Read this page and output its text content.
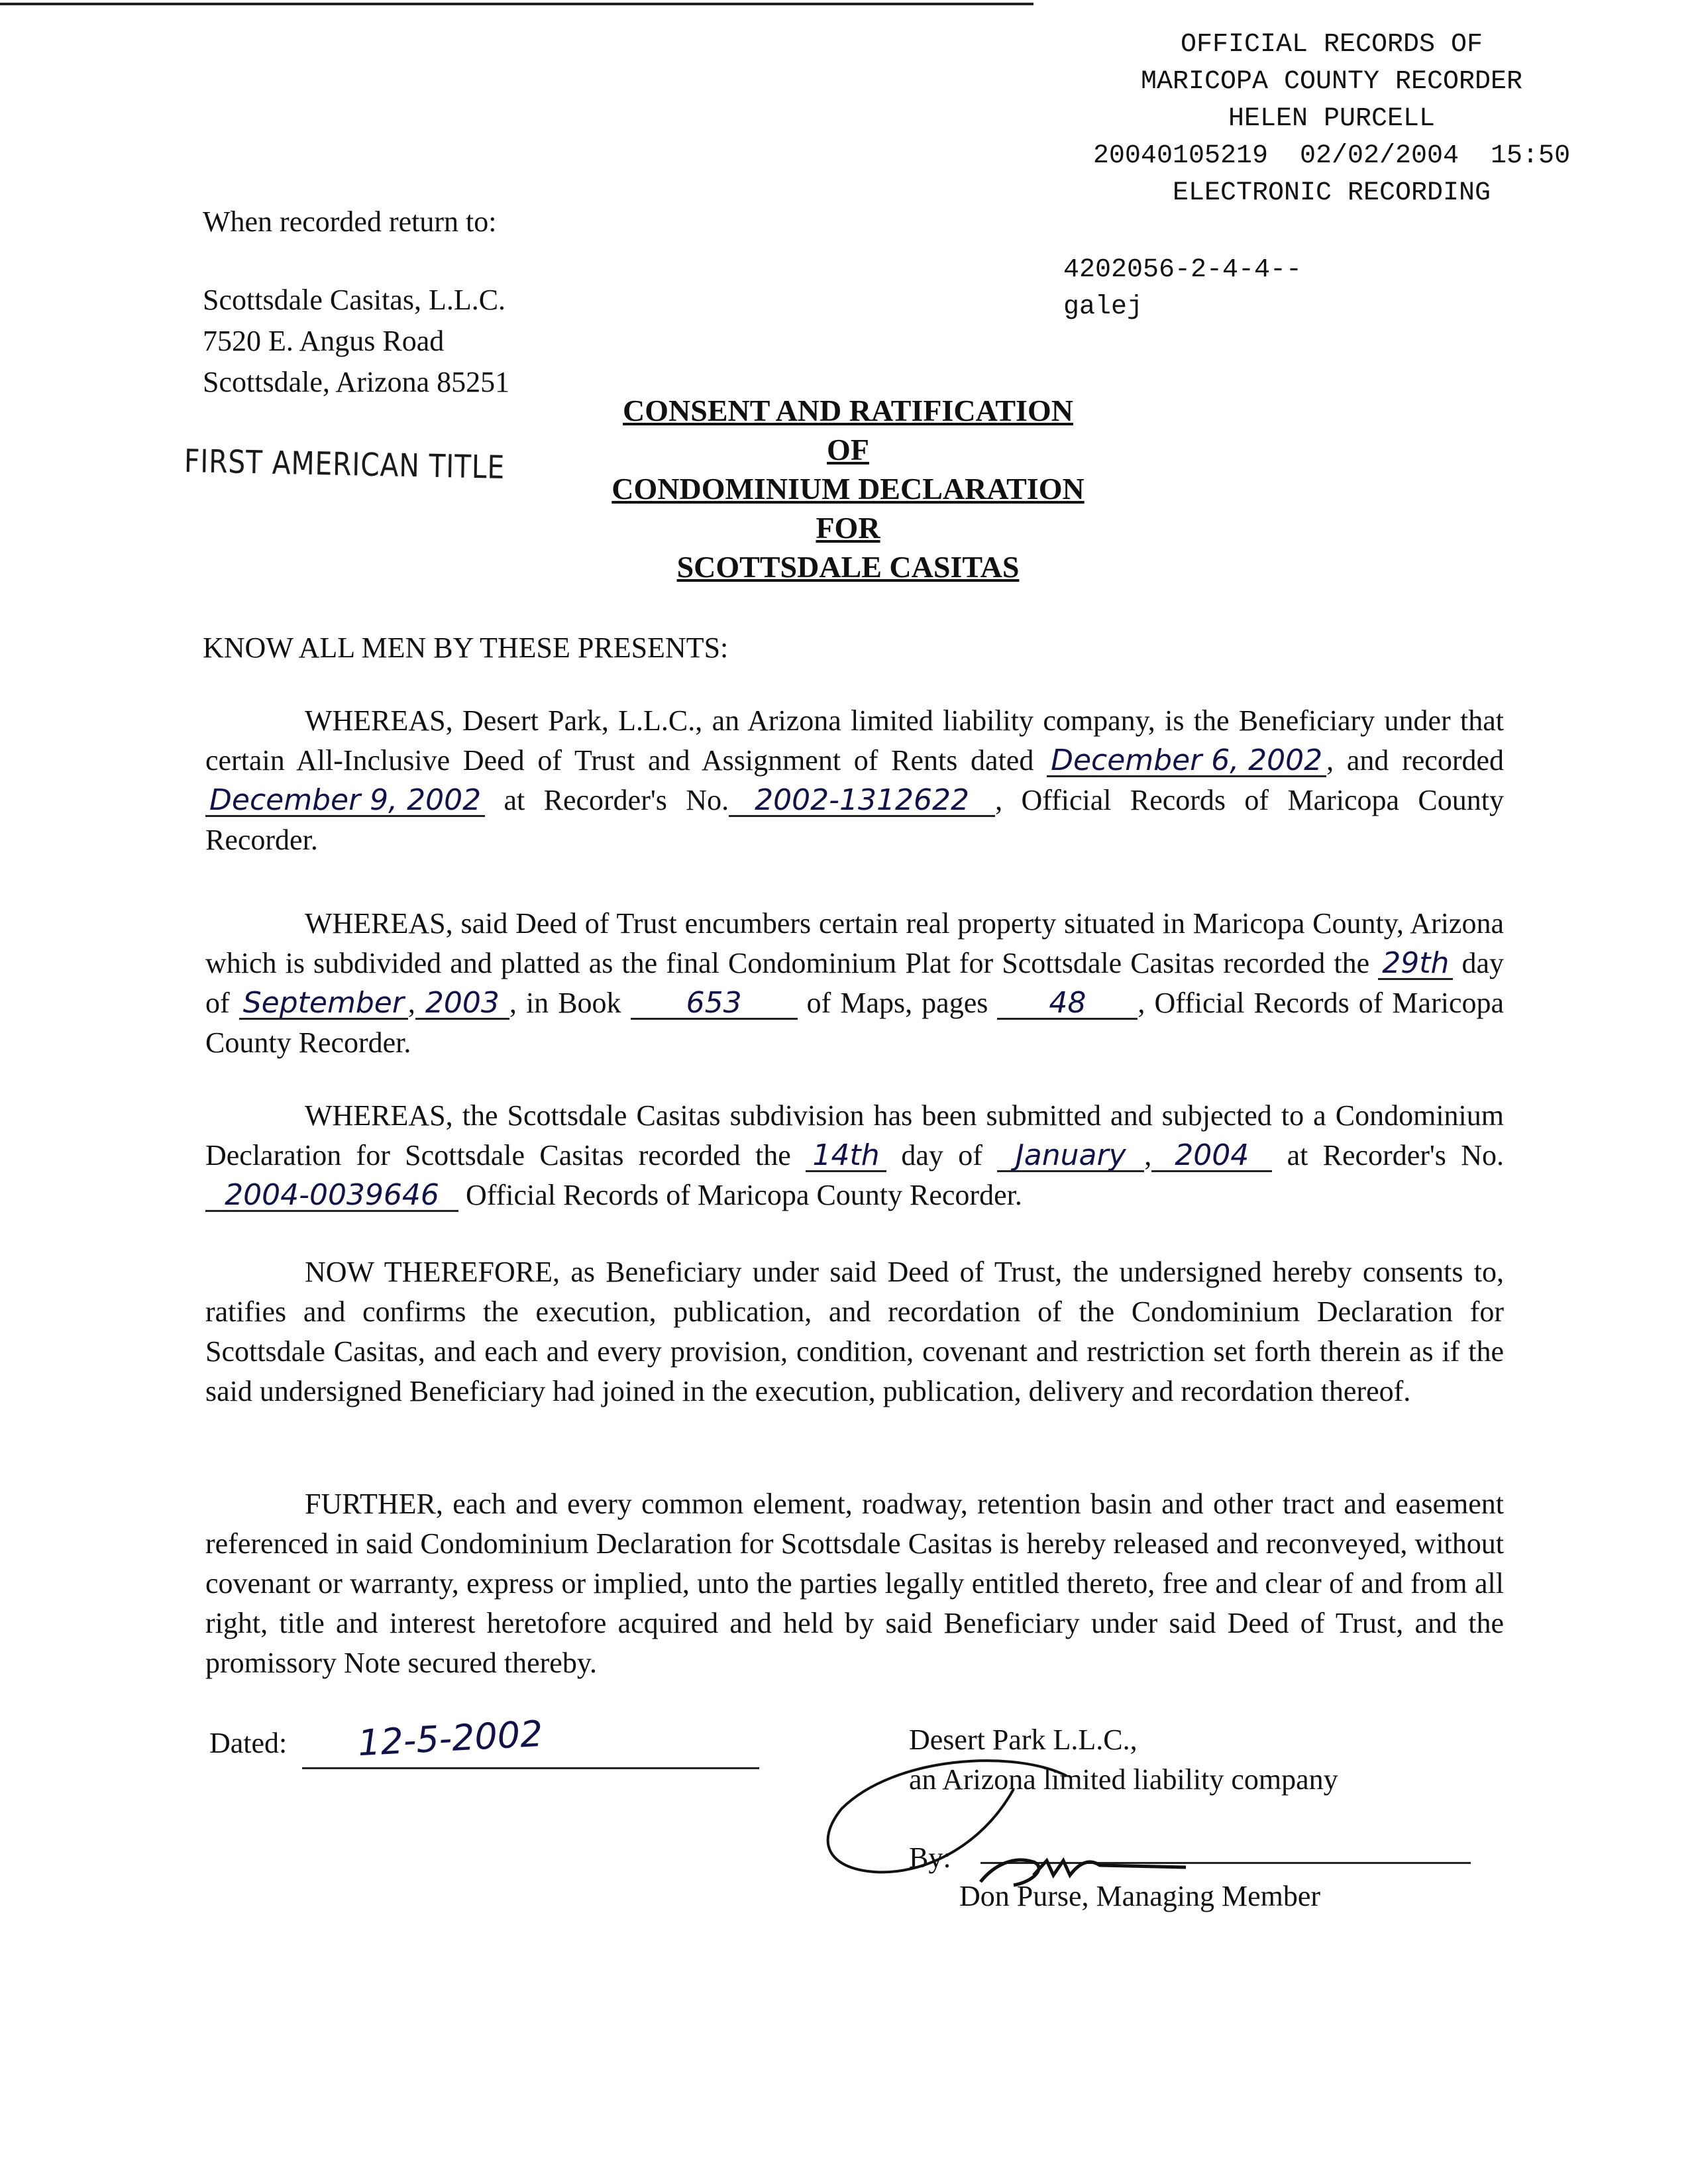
OFFICIAL RECORDS OF
MARICOPA COUNTY RECORDER
HELEN PURCELL
20040105219 02/02/2004 15:50
ELECTRONIC RECORDING
4202056-2-4-4--
galej
When recorded return to:
Scottsdale Casitas, L.L.C.
7520 E. Angus Road
Scottsdale, Arizona 85251
FIRST AMERICAN TITLE
CONSENT AND RATIFICATION
OF
CONDOMINIUM DECLARATION
FOR
SCOTTSDALE CASITAS
KNOW ALL MEN BY THESE PRESENTS:
WHEREAS, Desert Park, L.L.C., an Arizona limited liability company, is the Beneficiary under that certain All-Inclusive Deed of Trust and Assignment of Rents dated December 6, 2002 , and recorded December 9, 2002 at Recorder's No. 2002-1312622 , Official Records of Maricopa County Recorder.
WHEREAS, said Deed of Trust encumbers certain real property situated in Maricopa County, Arizona which is subdivided and platted as the final Condominium Plat for Scottsdale Casitas recorded the 29th day of September , 2003 , in Book 653 of Maps, pages 48 , Official Records of Maricopa County Recorder.
WHEREAS, the Scottsdale Casitas subdivision has been submitted and subjected to a Condominium Declaration for Scottsdale Casitas recorded the 14th day of January , 2004 at Recorder's No. 2004-0039646 Official Records of Maricopa County Recorder.
NOW THEREFORE, as Beneficiary under said Deed of Trust, the undersigned hereby consents to, ratifies and confirms the execution, publication, and recordation of the Condominium Declaration for Scottsdale Casitas, and each and every provision, condition, covenant and restriction set forth therein as if the said undersigned Beneficiary had joined in the execution, publication, delivery and recordation thereof.
FURTHER, each and every common element, roadway, retention basin and other tract and easement referenced in said Condominium Declaration for Scottsdale Casitas is hereby released and reconveyed, without covenant or warranty, express or implied, unto the parties legally entitled thereto, free and clear of and from all right, title and interest heretofore acquired and held by said Beneficiary under said Deed of Trust, and the promissory Note secured thereby.
Dated: 12-5-2002	Desert Park L.L.C.,
an Arizona limited liability company
By:
Don Purse, Managing Member
